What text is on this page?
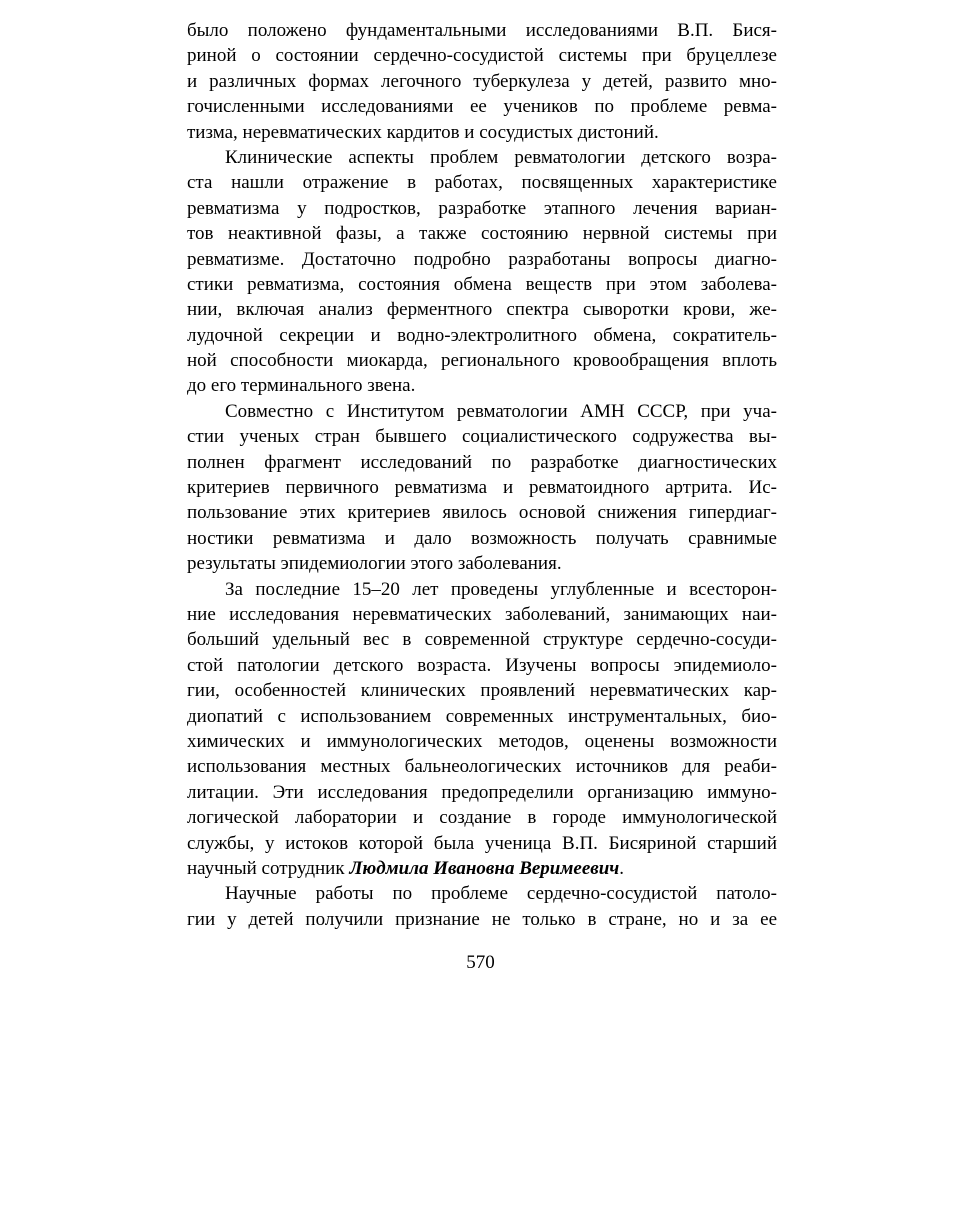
было положено фундаментальными исследованиями В.П. Бися-
риной о состоянии сердечно-сосудистой системы при бруцеллезе
и различных формах легочного туберкулеза у детей, развито мно-
гочисленными исследованиями ее учеников по проблеме ревма-
тизма, неревматических кардитов и сосудистых дистоний.
Клинические аспекты проблем ревматологии детского возра-
ста нашли отражение в работах, посвященных характеристике
ревматизма у подростков, разработке этапного лечения вариан-
тов неактивной фазы, а также состоянию нервной системы при
ревматизме. Достаточно подробно разработаны вопросы диагно-
стики ревматизма, состояния обмена веществ при этом заболева-
нии, включая анализ ферментного спектра сыворотки крови, же-
лудочной секреции и водно-электролитного обмена, сократитель-
ной способности миокарда, регионального кровообращения вплоть
до его терминального звена.
Совместно с Институтом ревматологии АМН СССР, при уча-
стии ученых стран бывшего социалистического содружества вы-
полнен фрагмент исследований по разработке диагностических
критериев первичного ревматизма и ревматоидного артрита. Ис-
пользование этих критериев явилось основой снижения гипердиаг-
ностики ревматизма и дало возможность получать сравнимые
результаты эпидемиологии этого заболевания.
За последние 15–20 лет проведены углубленные и всесторон-
ние исследования неревматических заболеваний, занимающих наи-
больший удельный вес в современной структуре сердечно-сосуди-
стой патологии детского возраста. Изучены вопросы эпидемиоло-
гии, особенностей клинических проявлений неревматических кар-
диопатий с использованием современных инструментальных, био-
химических и иммунологических методов, оценены возможности
использования местных бальнеологических источников для реаби-
литации. Эти исследования предопределили организацию иммуно-
логической лаборатории и создание в городе иммунологической
службы, у истоков которой была ученица В.П. Бисяриной старший
научный сотрудник Людмила Ивановна Веримеевич.
Научные работы по проблеме сердечно-сосудистой патоло-
гии у детей получили признание не только в стране, но и за ее
570
